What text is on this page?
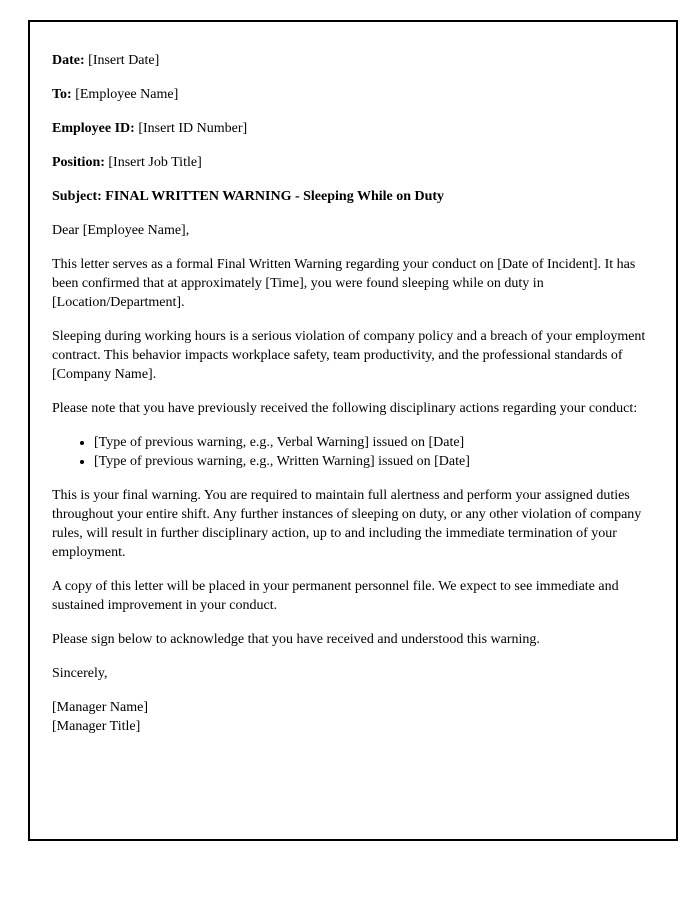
Date: [Insert Date]

To: [Employee Name]

Employee ID: [Insert ID Number]

Position: [Insert Job Title]

Subject: FINAL WRITTEN WARNING - Sleeping While on Duty

Dear [Employee Name],

This letter serves as a formal Final Written Warning regarding your conduct on [Date of Incident]. It has been confirmed that at approximately [Time], you were found sleeping while on duty in [Location/Department].

Sleeping during working hours is a serious violation of company policy and a breach of your employment contract. This behavior impacts workplace safety, team productivity, and the professional standards of [Company Name].

Please note that you have previously received the following disciplinary actions regarding your conduct:

• [Type of previous warning, e.g., Verbal Warning] issued on [Date]
• [Type of previous warning, e.g., Written Warning] issued on [Date]

This is your final warning. You are required to maintain full alertness and perform your assigned duties throughout your entire shift. Any further instances of sleeping on duty, or any other violation of company rules, will result in further disciplinary action, up to and including the immediate termination of your employment.

A copy of this letter will be placed in your permanent personnel file. We expect to see immediate and sustained improvement in your conduct.

Please sign below to acknowledge that you have received and understood this warning.

Sincerely,

[Manager Name]

[Manager Title]
